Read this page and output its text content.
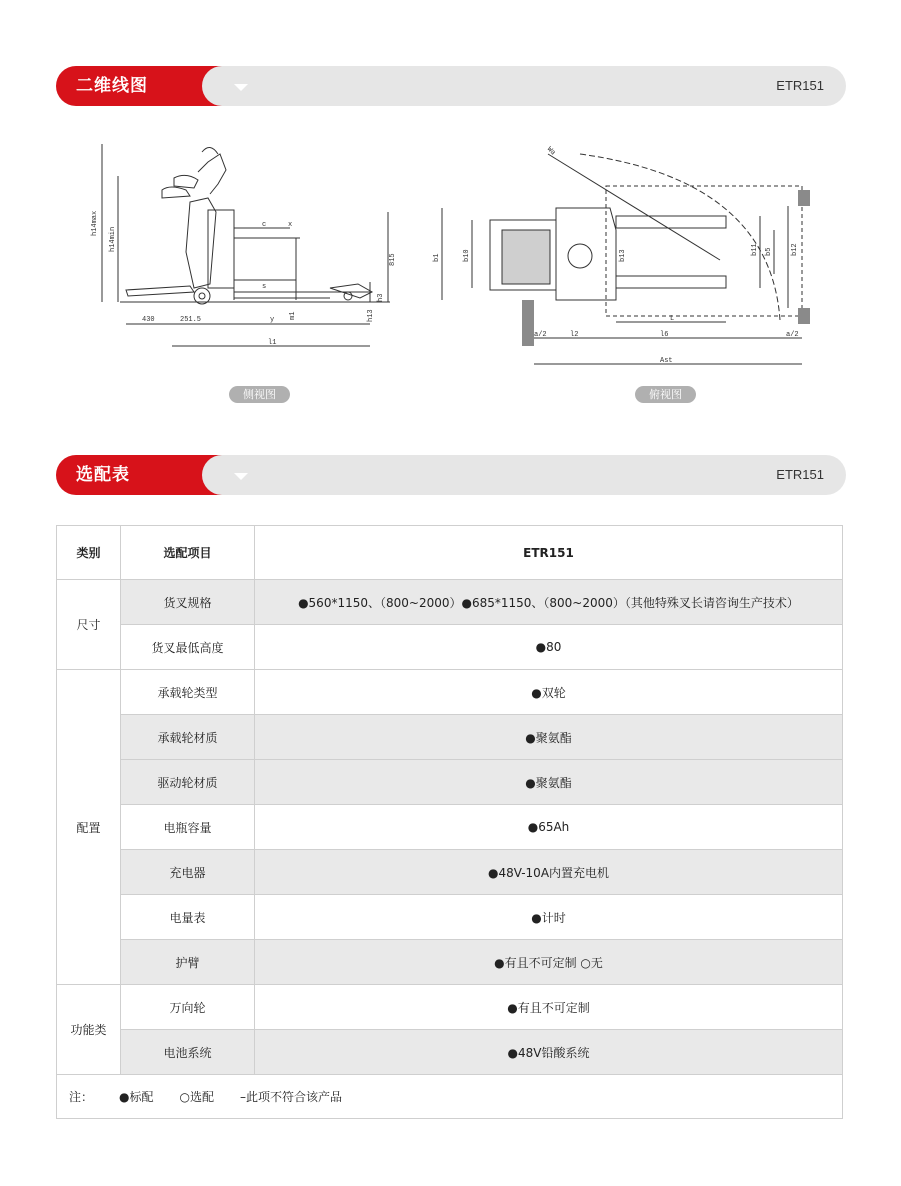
二维线图	ETR151
h14max
h14min
430	251.5	y
l1
c	x
815
h3
h13
s
m1
Wa
b1	b10	b13	b11 b5	b12
l2	l6
L
Ast
a/2	a/2
侧视图	俯视图
选配表	ETR151
类别	选配项目	ETR151
尺寸	货叉规格	●560*1150、（800~2000）●685*1150、（800~2000）（其他特殊叉长请咨询生产技术）
	货叉最低高度	●80
配置	承载轮类型	●双轮
	承载轮材质	●聚氨酯
	驱动轮材质	●聚氨酯
	电瓶容量	●65Ah
	充电器	●48V-10A内置充电机
	电量表	●计时
	护臂	●有且不可定制 ○无
功能类	万向轮	●有且不可定制
	电池系统	●48V铅酸系统
注： ●标配 ○选配 –此项不符合该产品		
